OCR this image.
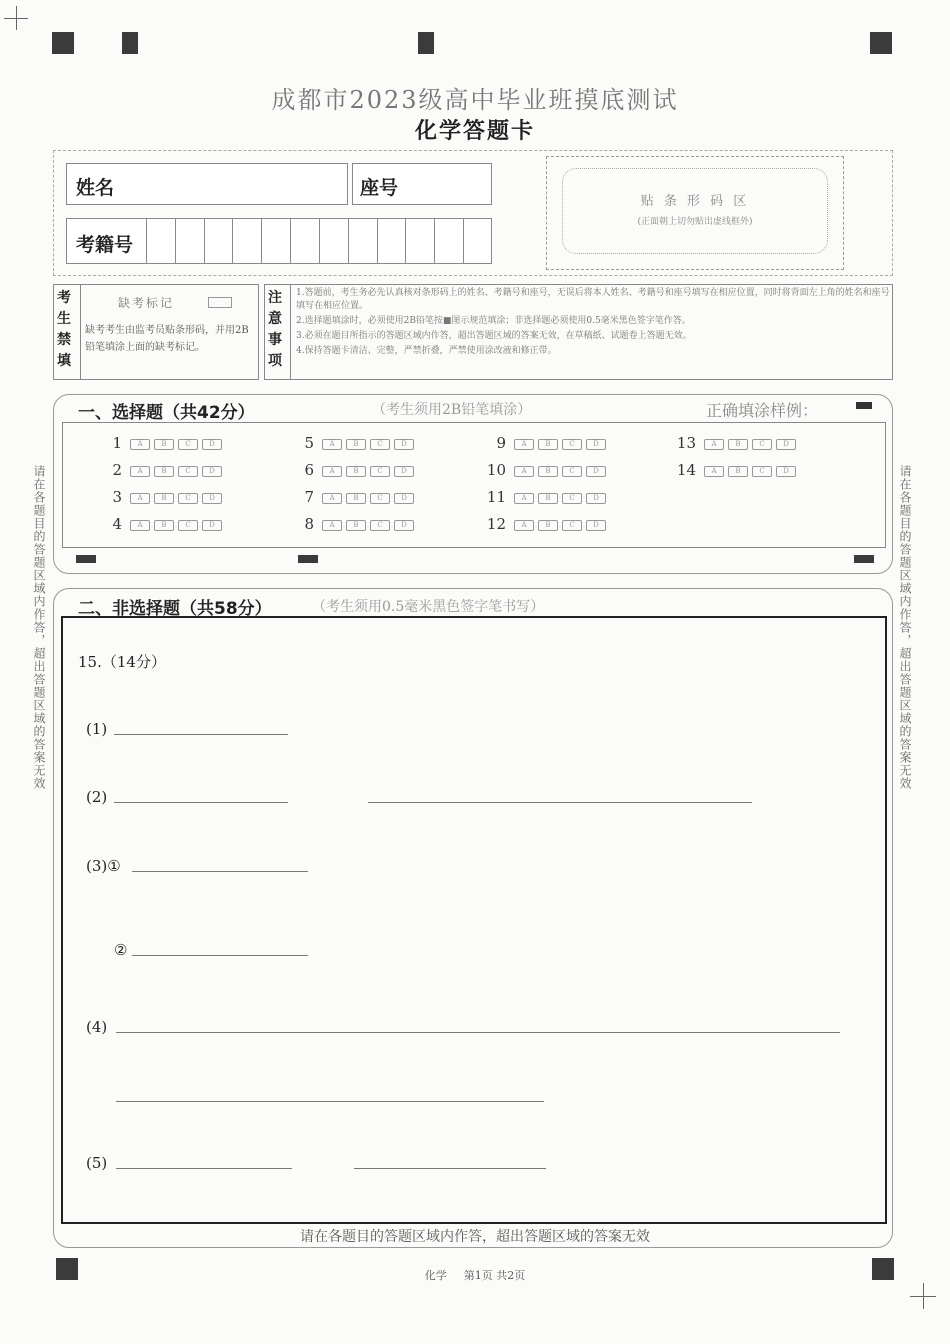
成都市2023级高中毕业班摸底测试
化学答题卡
姓名	座号
考籍号
贴 条 形 码 区
(正面朝上切勿贴出虚线框外)
考生禁填
缺考标记
缺考考生由监考员贴条形码，并用2B铅笔填涂上面的缺考标记。
注意事项
1.答题前，考生务必先认真核对条形码上的姓名、考籍号和座号，无误后将本人姓名、考籍号和座号填写在相应位置，同时将背面左上角的姓名和座号填写在相应位置。
2.选择题填涂时，必须使用2B铅笔按■图示规范填涂；非选择题必须使用0.5毫米黑色签字笔作答。
3.必须在题目所指示的答题区域内作答，超出答题区域的答案无效，在草稿纸、试题卷上答题无效。
4.保持答题卡清洁、完整，严禁折叠，严禁使用涂改液和修正带。
一、选择题（共42分）	（考生须用2B铅笔填涂）	正确填涂样例：
1 A	B	C	D
2 A	B	C	D
3 A	B	C	D
4 A	B	C	D
5 A	B	C	D
6 A	B	C	D
7 A	B	C	D
8 A	B	C	D
9 A	B	C	D
10 A	B	C	D
11 A	B	C	D
12 A	B	C	D
13 A	B	C	D
14 A	B	C	D
二、非选择题（共58分）	（考生须用0.5毫米黑色签字笔书写）
15.（14分）
(1)
(2)
(3)①
②
(4)
(5)
请在各题目的答题区域内作答，超出答题区域的答案无效
请在各题目的答题区域内作答，超出答题区域的答案无效	请在各题目的答题区域内作答，超出答题区域的答案无效
化学 第1页 共2页
